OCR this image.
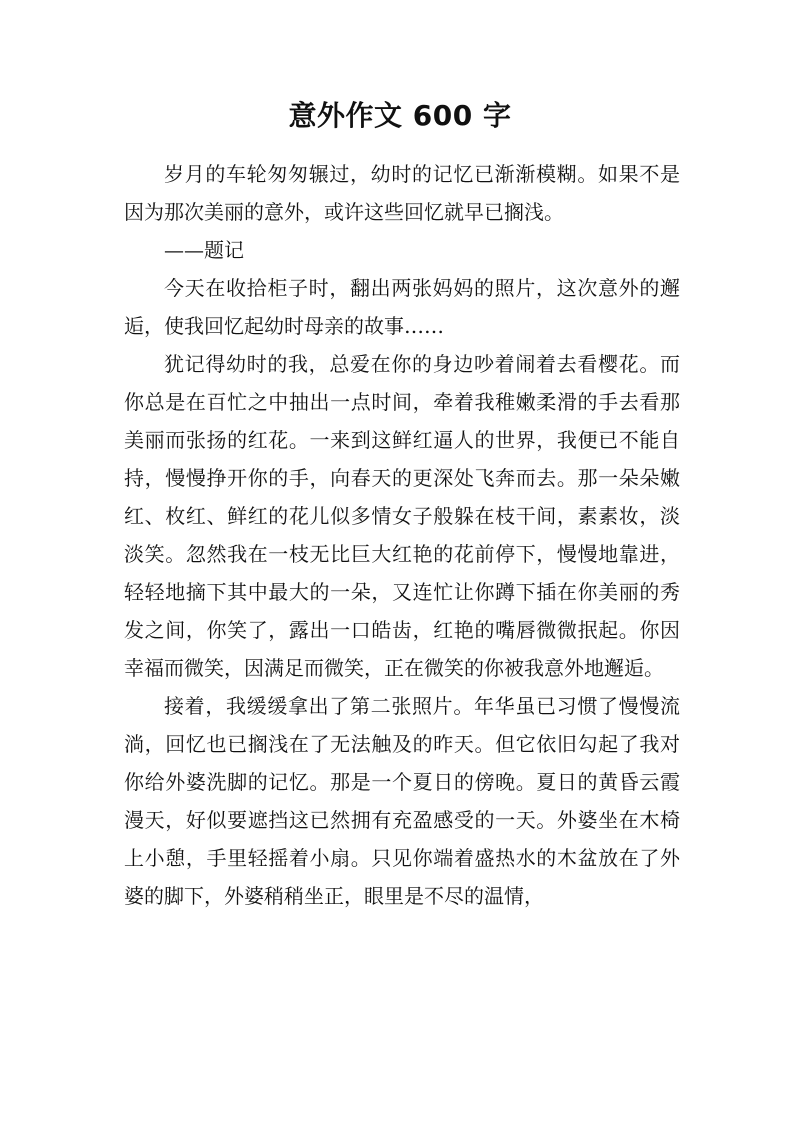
意外作文 600 字

岁月的车轮匆匆辗过，幼时的记忆已渐渐模糊。如果不是因为那次美丽的意外，或许这些回忆就早已搁浅。

——题记

今天在收拾柜子时，翻出两张妈妈的照片，这次意外的邂逅，使我回忆起幼时母亲的故事……

犹记得幼时的我，总爱在你的身边吵着闹着去看樱花。而你总是在百忙之中抽出一点时间，牵着我稚嫩柔滑的手去看那美丽而张扬的红花。一来到这鲜红逼人的世界，我便已不能自持，慢慢挣开你的手，向春天的更深处飞奔而去。那一朵朵嫩红、枚红、鲜红的花儿似多情女子般躲在枝干间，素素妆，淡淡笑。忽然我在一枝无比巨大红艳的花前停下，慢慢地靠进，轻轻地摘下其中最大的一朵，又连忙让你蹲下插在你美丽的秀发之间，你笑了，露出一口皓齿，红艳的嘴唇微微抿起。你因幸福而微笑，因满足而微笑，正在微笑的你被我意外地邂逅。

接着，我缓缓拿出了第二张照片。年华虽已习惯了慢慢流淌，回忆也已搁浅在了无法触及的昨天。但它依旧勾起了我对你给外婆洗脚的记忆。那是一个夏日的傍晚。夏日的黄昏云霞漫天，好似要遮挡这已然拥有充盈感受的一天。外婆坐在木椅上小憩，手里轻摇着小扇。只见你端着盛热水的木盆放在了外婆的脚下，外婆稍稍坐正，眼里是不尽的温情，
